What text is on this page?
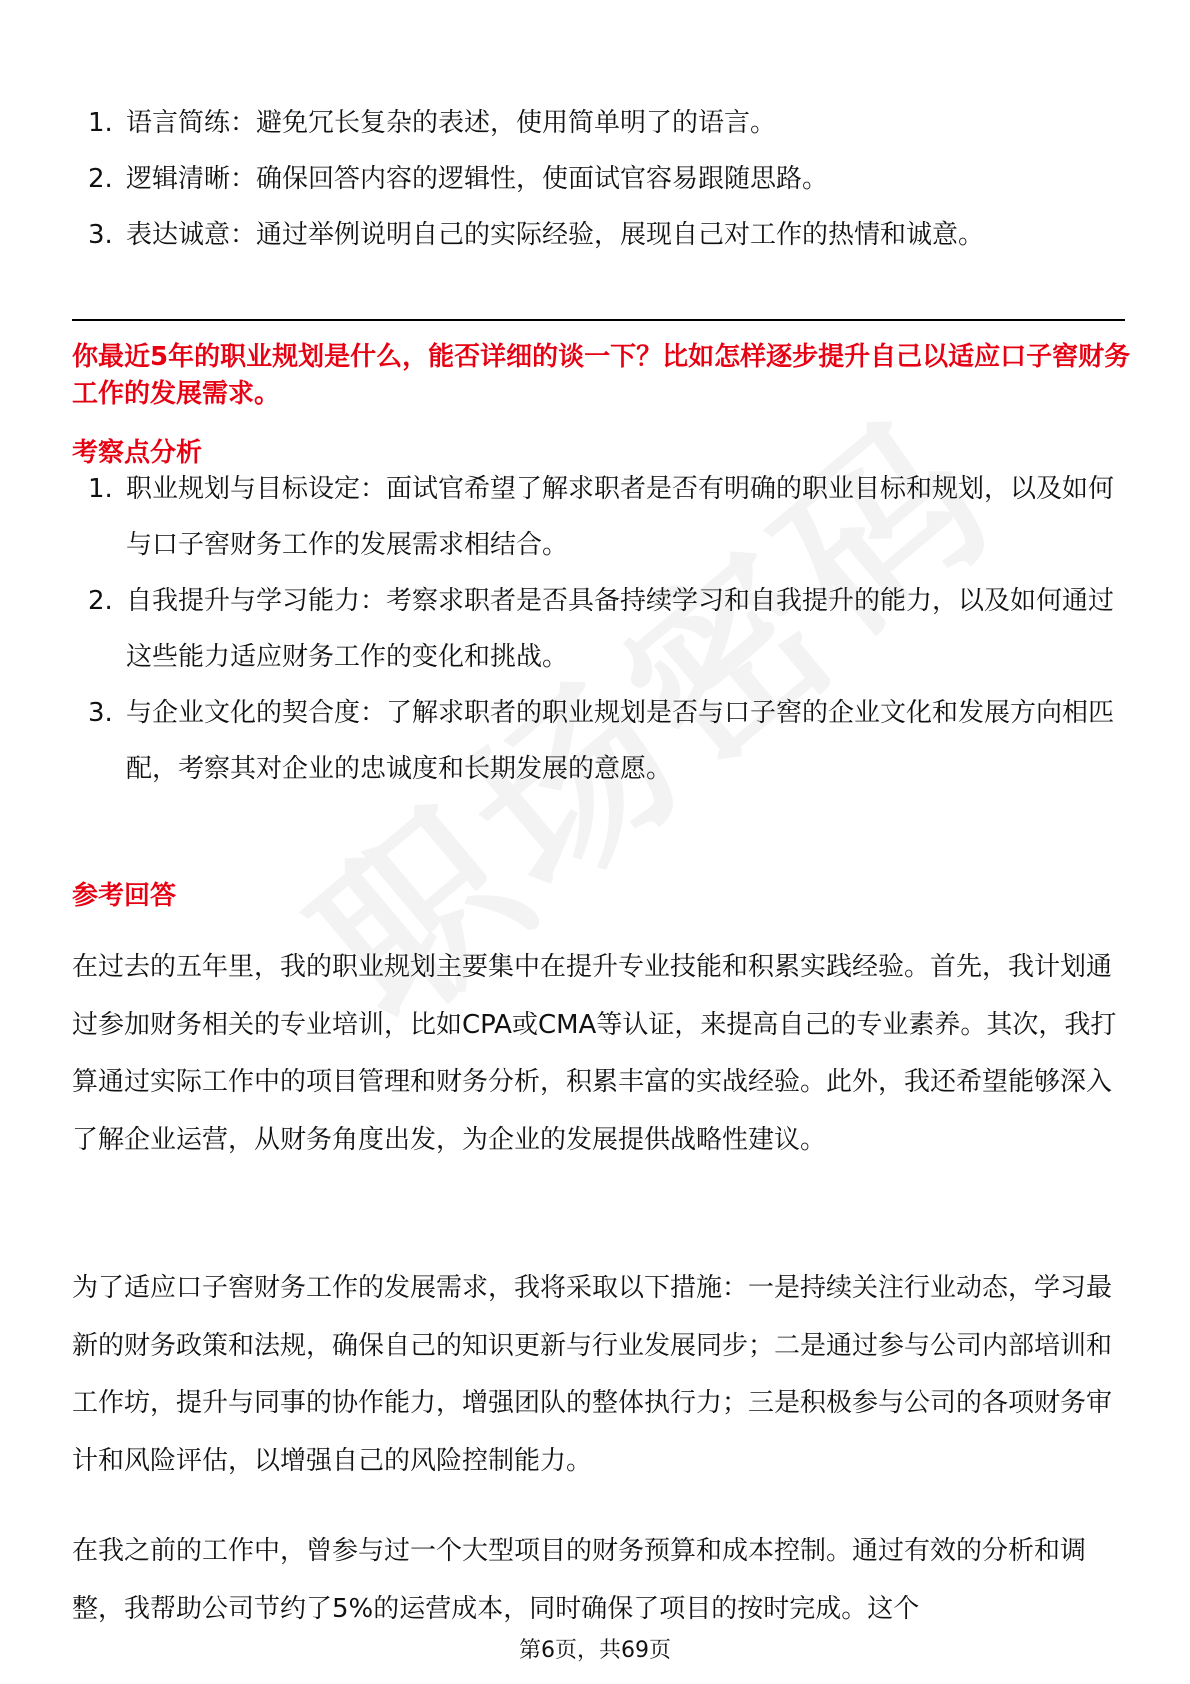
1. 语言简练：避免冗长复杂的表述，使用简单明了的语言。
2. 逻辑清晰：确保回答内容的逻辑性，使面试官容易跟随思路。
3. 表达诚意：通过举例说明自己的实际经验，展现自己对工作的热情和诚意。
你最近5年的职业规划是什么，能否详细的谈一下？比如怎样逐步提升自己以适应口子窖财务工作的发展需求。
考察点分析
1. 职业规划与目标设定：面试官希望了解求职者是否有明确的职业目标和规划，以及如何与口子窖财务工作的发展需求相结合。
2. 自我提升与学习能力：考察求职者是否具备持续学习和自我提升的能力，以及如何通过这些能力适应财务工作的变化和挑战。
3. 与企业文化的契合度：了解求职者的职业规划是否与口子窖的企业文化和发展方向相匹配，考察其对企业的忠诚度和长期发展的意愿。
参考回答

在过去的五年里，我的职业规划主要集中在提升专业技能和积累实践经验。首先，我计划通过参加财务相关的专业培训，比如CPA或CMA等认证，来提高自己的专业素养。其次，我打算通过实际工作中的项目管理和财务分析，积累丰富的实战经验。此外，我还希望能够深入了解企业运营，从财务角度出发，为企业的发展提供战略性建议。

为了适应口子窖财务工作的发展需求，我将采取以下措施：一是持续关注行业动态，学习最新的财务政策和法规，确保自己的知识更新与行业发展同步；二是通过参与公司内部培训和工作坊，提升与同事的协作能力，增强团队的整体执行力；三是积极参与公司的各项财务审计和风险评估，以增强自己的风险控制能力。

在我之前的工作中，曾参与过一个大型项目的财务预算和成本控制。通过有效的分析和调整，我帮助公司节约了5%的运营成本，同时确保了项目的按时完成。这个

第6页，共69页
